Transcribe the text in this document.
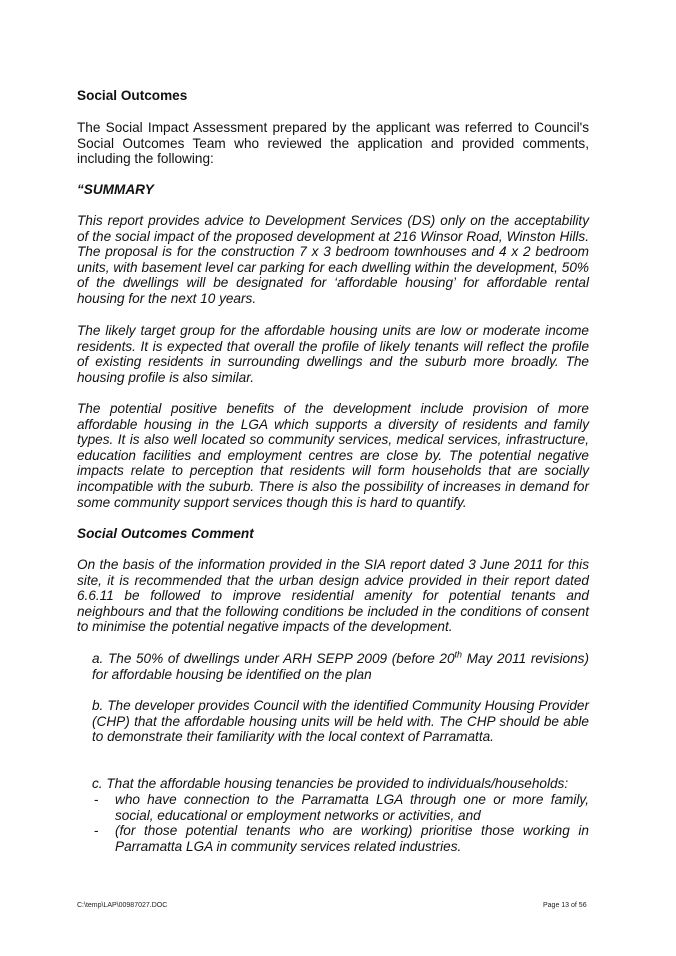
Social Outcomes

The Social Impact Assessment prepared by the applicant was referred to Council's Social Outcomes Team who reviewed the application and provided comments, including the following:

“SUMMARY

This report provides advice to Development Services (DS) only on the acceptability of the social impact of the proposed development at 216 Winsor Road, Winston Hills. The proposal is for the construction 7 x 3 bedroom townhouses and 4 x 2 bedroom units, with basement level car parking for each dwelling within the development, 50% of the dwellings will be designated for ‘affordable housing’ for affordable rental housing for the next 10 years.

The likely target group for the affordable housing units are low or moderate income residents. It is expected that overall the profile of likely tenants will reflect the profile of existing residents in surrounding dwellings and the suburb more broadly. The housing profile is also similar.

The potential positive benefits of the development include provision of more affordable housing in the LGA which supports a diversity of residents and family types. It is also well located so community services, medical services, infrastructure, education facilities and employment centres are close by. The potential negative impacts relate to perception that residents will form households that are socially incompatible with the suburb. There is also the possibility of increases in demand for some community support services though this is hard to quantify.

Social Outcomes Comment

On the basis of the information provided in the SIA report dated 3 June 2011 for this site, it is recommended that the urban design advice provided in their report dated 6.6.11 be followed to improve residential amenity for potential tenants and neighbours and that the following conditions be included in the conditions of consent to minimise the potential negative impacts of the development.

a. The 50% of dwellings under ARH SEPP 2009 (before 20th May 2011 revisions) for affordable housing be identified on the plan

b. The developer provides Council with the identified Community Housing Provider (CHP) that the affordable housing units will be held with. The CHP should be able to demonstrate their familiarity with the local context of Parramatta.

c. That the affordable housing tenancies be provided to individuals/households:

- who have connection to the Parramatta LGA through one or more family, social, educational or employment networks or activities, and
- (for those potential tenants who are working) prioritise those working in Parramatta LGA in community services related industries.
C:\temp\LAP\00987027.DOC	Page 13 of 56
